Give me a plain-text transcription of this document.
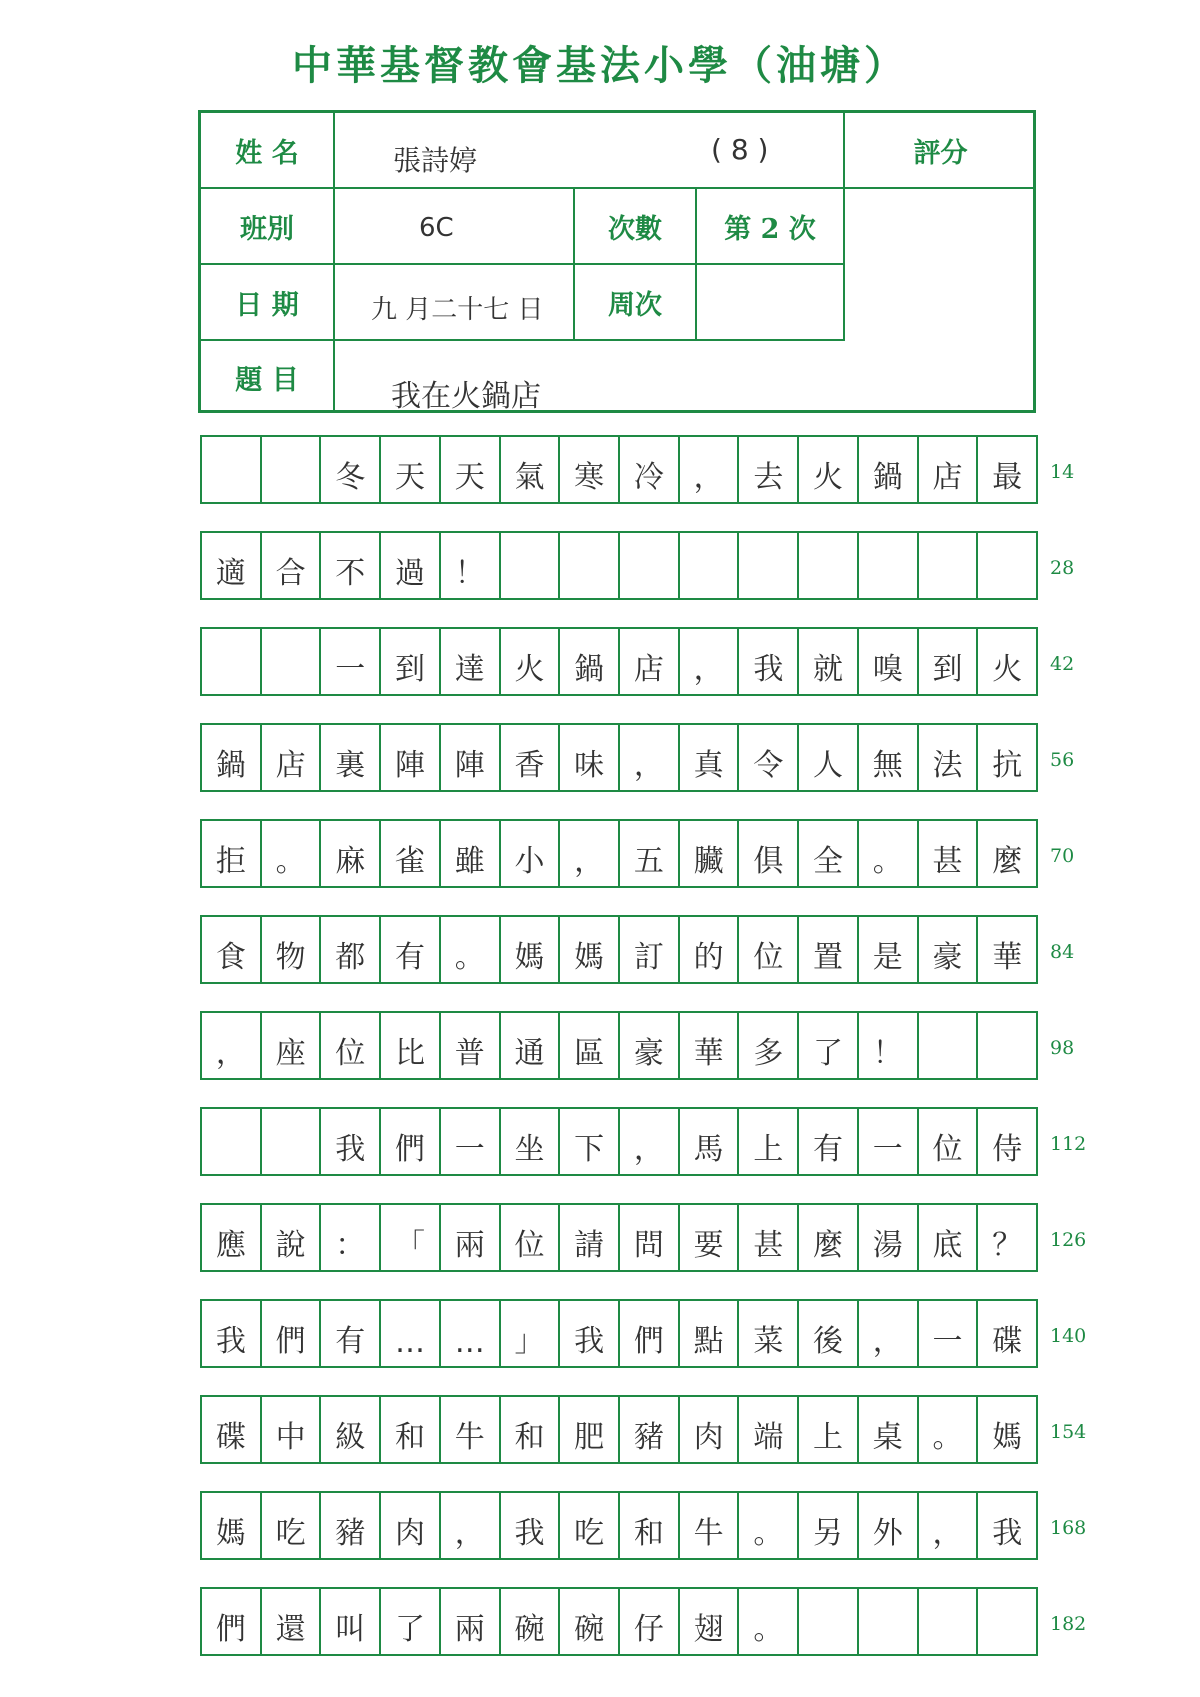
中華基督教會基法小學（油塘）
姓 名	張詩婷	( 8 )	評分
班別	6C	次數	第 2 次
日 期	九 月二十七 日	周次
題 目	我在火鍋店
冬 天 天 氣 寒 冷 ， 去 火 鍋 店 最	14
適 合 不 過 ！	28
一 到 達 火 鍋 店 ， 我 就 嗅 到 火	42
鍋 店 裏 陣 陣 香 味 ， 真 令 人 無 法 抗	56
拒 。 麻 雀 雖 小 ， 五 臟 俱 全 。 甚 麼	70
食 物 都 有 。 媽 媽 訂 的 位 置 是 豪 華	84
， 座 位 比 普 通 區 豪 華 多 了 ！	98
我 們 一 坐 下 ， 馬 上 有 一 位 侍	112
應 說 ： 「 兩 位 請 問 要 甚 麼 湯 底 ？	126
我 們 有 … … 」 我 們 點 菜 後 ， 一 碟	140
碟 中 級 和 牛 和 肥 豬 肉 端 上 桌 。 媽	154
媽 吃 豬 肉 ， 我 吃 和 牛 。 另 外 ， 我	168
們 還 叫 了 兩 碗 碗 仔 翅 。	182
